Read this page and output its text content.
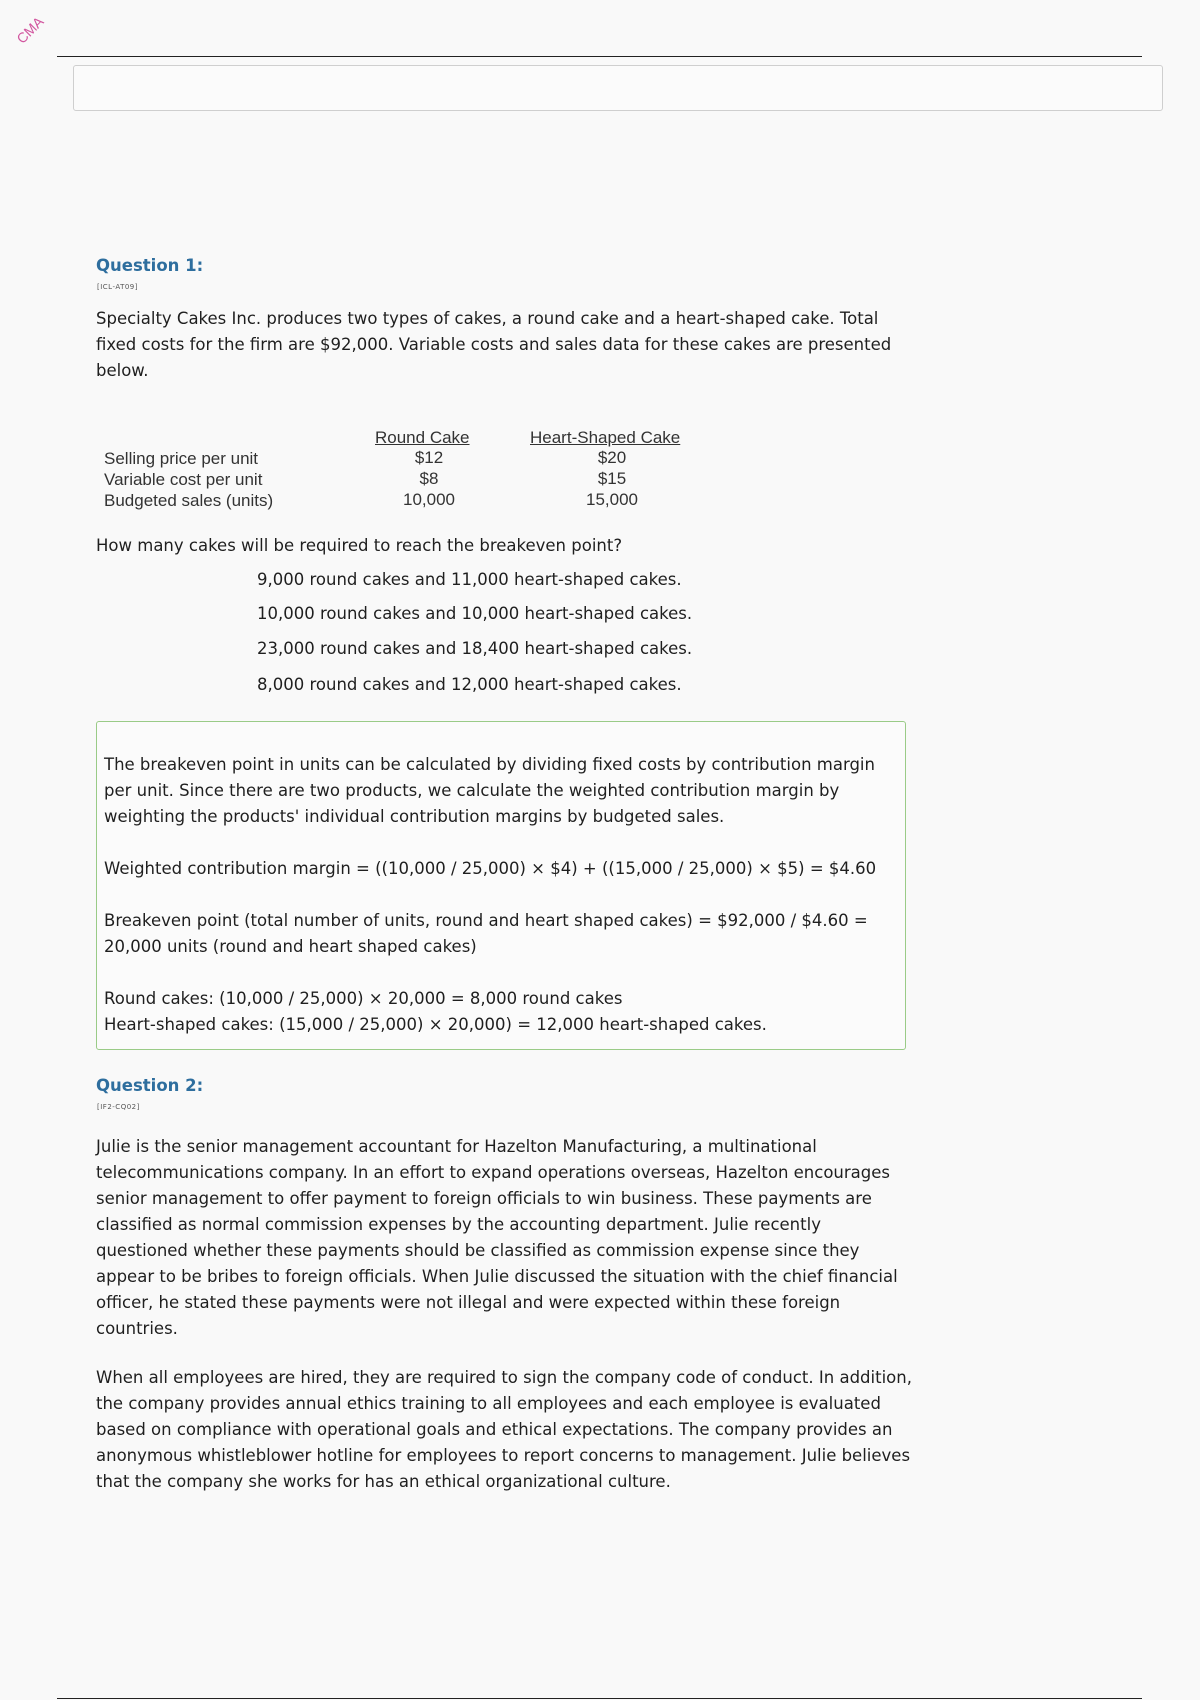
CMA
Question 1:
[ICL-AT09]
Specialty Cakes Inc. produces two types of cakes, a round cake and a heart-shaped cake. Total fixed costs for the firm are $92,000. Variable costs and sales data for these cakes are presented below.
Round Cake	Heart-Shaped Cake
Selling price per unit	$12	$20
Variable cost per unit	$8	$15
Budgeted sales (units)	10,000	15,000
How many cakes will be required to reach the breakeven point?
9,000 round cakes and 11,000 heart-shaped cakes.
10,000 round cakes and 10,000 heart-shaped cakes.
23,000 round cakes and 18,400 heart-shaped cakes.
8,000 round cakes and 12,000 heart-shaped cakes.
The breakeven point in units can be calculated by dividing fixed costs by contribution margin per unit. Since there are two products, we calculate the weighted contribution margin by weighting the products' individual contribution margins by budgeted sales.
Weighted contribution margin = ((10,000 / 25,000) × $4) + ((15,000 / 25,000) × $5) = $4.60
Breakeven point (total number of units, round and heart shaped cakes) = $92,000 / $4.60 = 20,000 units (round and heart shaped cakes)
Round cakes: (10,000 / 25,000) × 20,000 = 8,000 round cakes
Heart-shaped cakes: (15,000 / 25,000) × 20,000) = 12,000 heart-shaped cakes.
Question 2:
[IF2-CQ02]
Julie is the senior management accountant for Hazelton Manufacturing, a multinational telecommunications company. In an effort to expand operations overseas, Hazelton encourages senior management to offer payment to foreign officials to win business. These payments are classified as normal commission expenses by the accounting department. Julie recently questioned whether these payments should be classified as commission expense since they appear to be bribes to foreign officials. When Julie discussed the situation with the chief financial officer, he stated these payments were not illegal and were expected within these foreign countries.
When all employees are hired, they are required to sign the company code of conduct. In addition, the company provides annual ethics training to all employees and each employee is evaluated based on compliance with operational goals and ethical expectations. The company provides an anonymous whistleblower hotline for employees to report concerns to management. Julie believes that the company she works for has an ethical organizational culture.
